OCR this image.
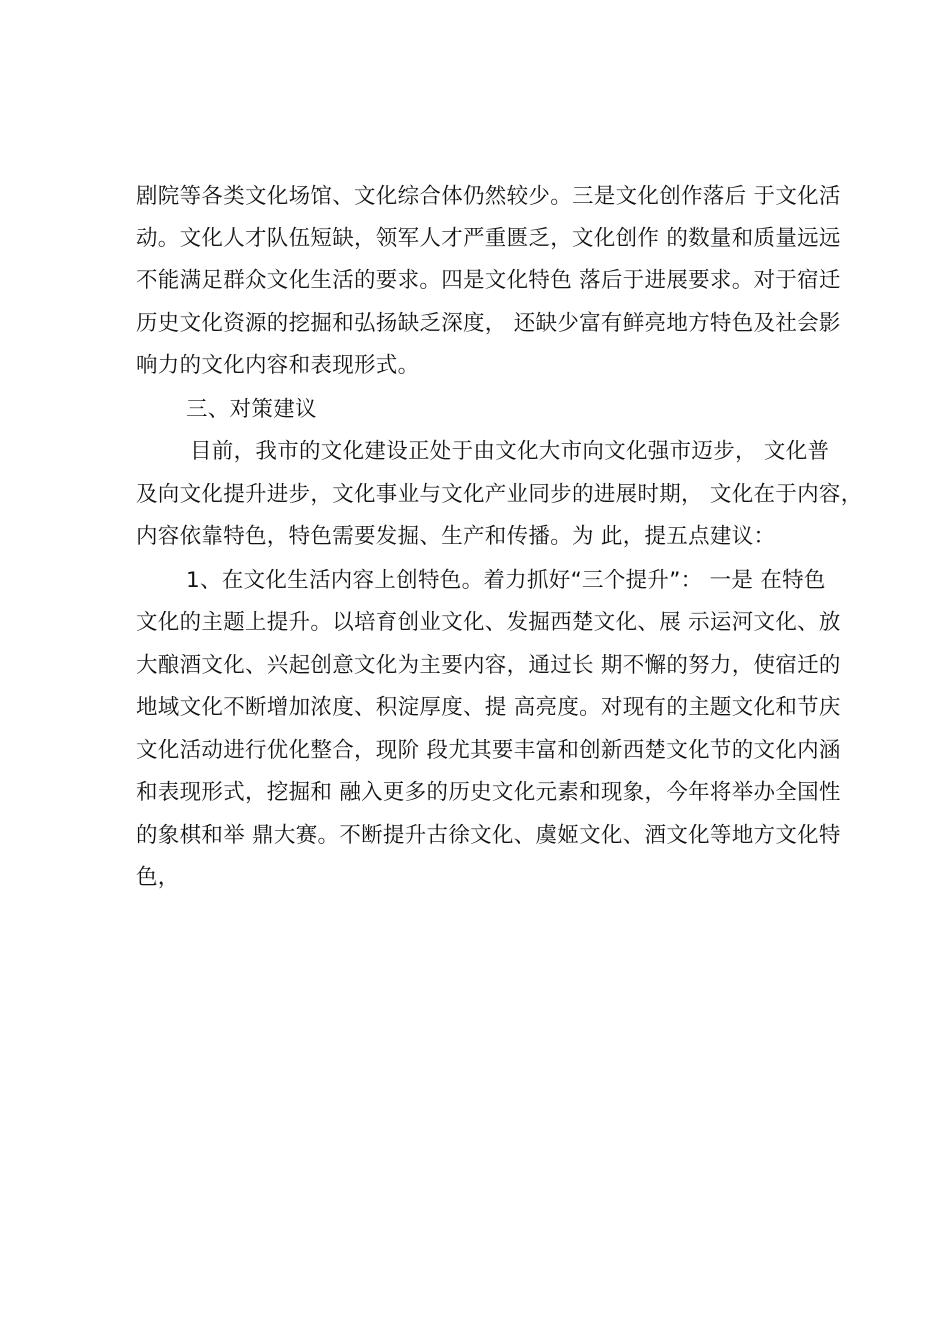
剧院等各类文化场馆、文化综合体仍然较少。三是文化创作落后 于文化活
动。文化人才队伍短缺，领军人才严重匮乏，文化创作 的数量和质量远远
不能满足群众文化生活的要求。四是文化特色 落后于进展要求。对于宿迁
历史文化资源的挖掘和弘扬缺乏深度， 还缺少富有鲜亮地方特色及社会影
响力的文化内容和表现形式。
三、对策建议
目前，我市的文化建设正处于由文化大市向文化强市迈步， 文化普
及向文化提升进步，文化事业与文化产业同步的进展时期， 文化在于内容，
内容依靠特色，特色需要发掘、生产和传播。为 此，提五点建议：
1、在文化生活内容上创特色。着力抓好“三个提升”： 一是 在特色
文化的主题上提升。以培育创业文化、发掘西楚文化、展 示运河文化、放
大酿酒文化、兴起创意文化为主要内容，通过长 期不懈的努力，使宿迁的
地域文化不断增加浓度、积淀厚度、提 高亮度。对现有的主题文化和节庆
文化活动进行优化整合，现阶 段尤其要丰富和创新西楚文化节的文化内涵
和表现形式，挖掘和 融入更多的历史文化元素和现象，今年将举办全国性
的象棋和举 鼎大赛。不断提升古徐文化、虞姬文化、酒文化等地方文化特
色，
